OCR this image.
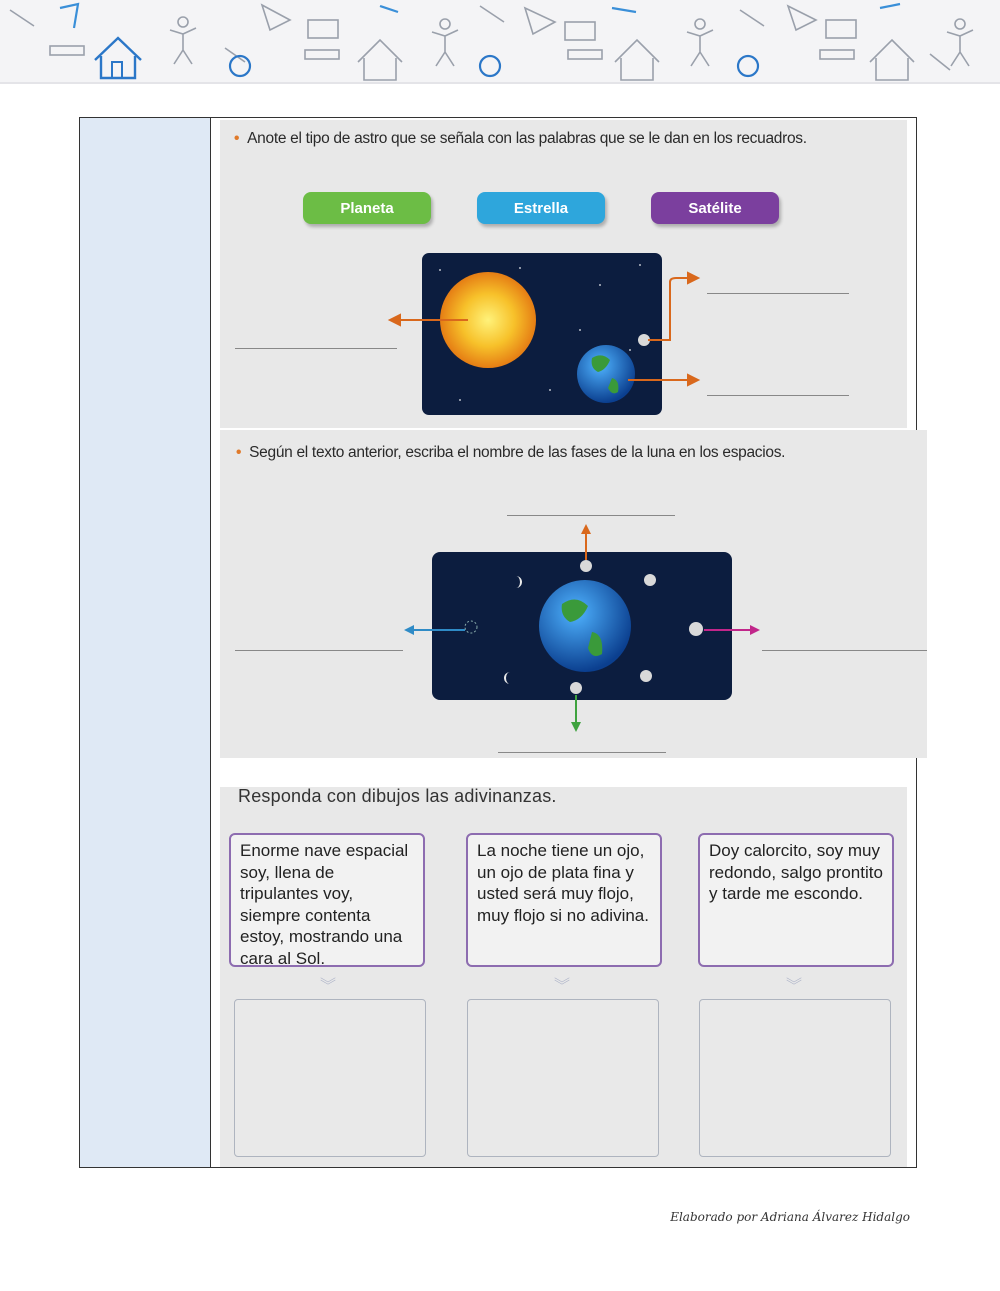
• Anote el tipo de astro que se señala con las palabras que se le dan en los recuadros.
Planeta	Estrella	Satélite
• Según el texto anterior, escriba el nombre de las fases de la luna en los espacios.
Responda con dibujos las adivinanzas.
Enorme nave espacial soy, llena de tripulantes voy, siempre contenta estoy, mostrando una cara al Sol.
La noche tiene un ojo, un ojo de plata fina y usted será muy flojo, muy flojo si no adivina.
Doy calorcito, soy muy redondo, salgo prontito y tarde me escondo.
︾	︾	︾
Elaborado por Adriana Álvarez Hidalgo
